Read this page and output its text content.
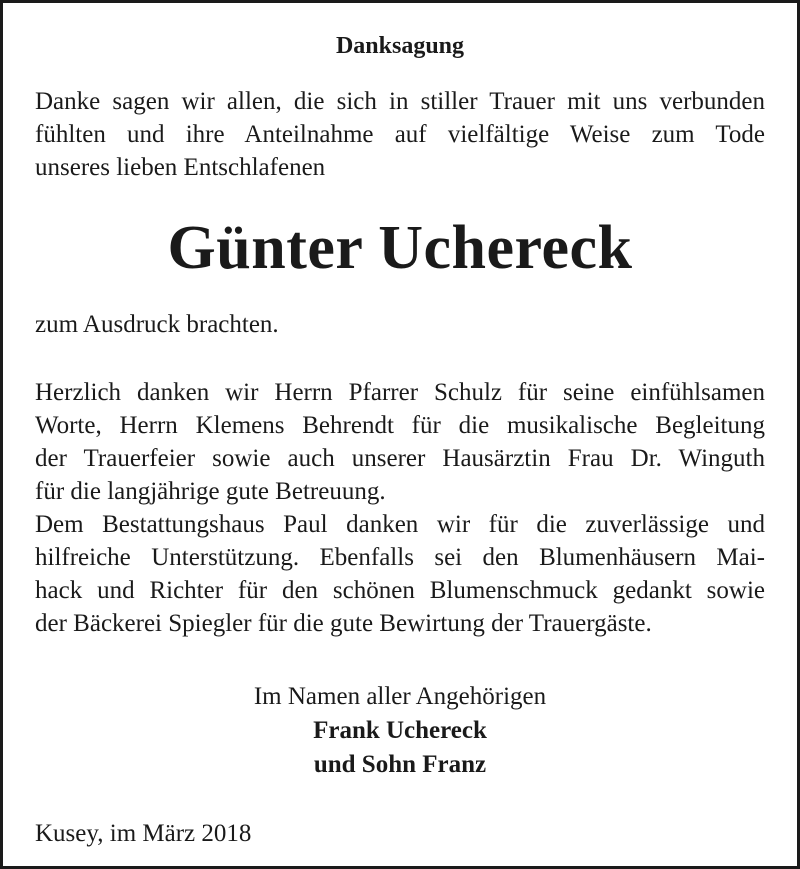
Danksagung

Danke sagen wir allen, die sich in stiller Trauer mit uns verbunden
fühlten und ihre Anteilnahme auf vielfältige Weise zum Tode
unseres lieben Entschlafenen

Günter Uchereck

zum Ausdruck brachten.

Herzlich danken wir Herrn Pfarrer Schulz für seine einfühlsamen
Worte, Herrn Klemens Behrendt für die musikalische Begleitung
der Trauerfeier sowie auch unserer Hausärztin Frau Dr. Winguth
für die langjährige gute Betreuung.
Dem Bestattungshaus Paul danken wir für die zuverlässige und
hilfreiche Unterstützung. Ebenfalls sei den Blumenhäusern Mai-
hack und Richter für den schönen Blumenschmuck gedankt sowie
der Bäckerei Spiegler für die gute Bewirtung der Trauergäste.

Im Namen aller Angehörigen
Frank Uchereck
und Sohn Franz
Kusey, im März 2018
